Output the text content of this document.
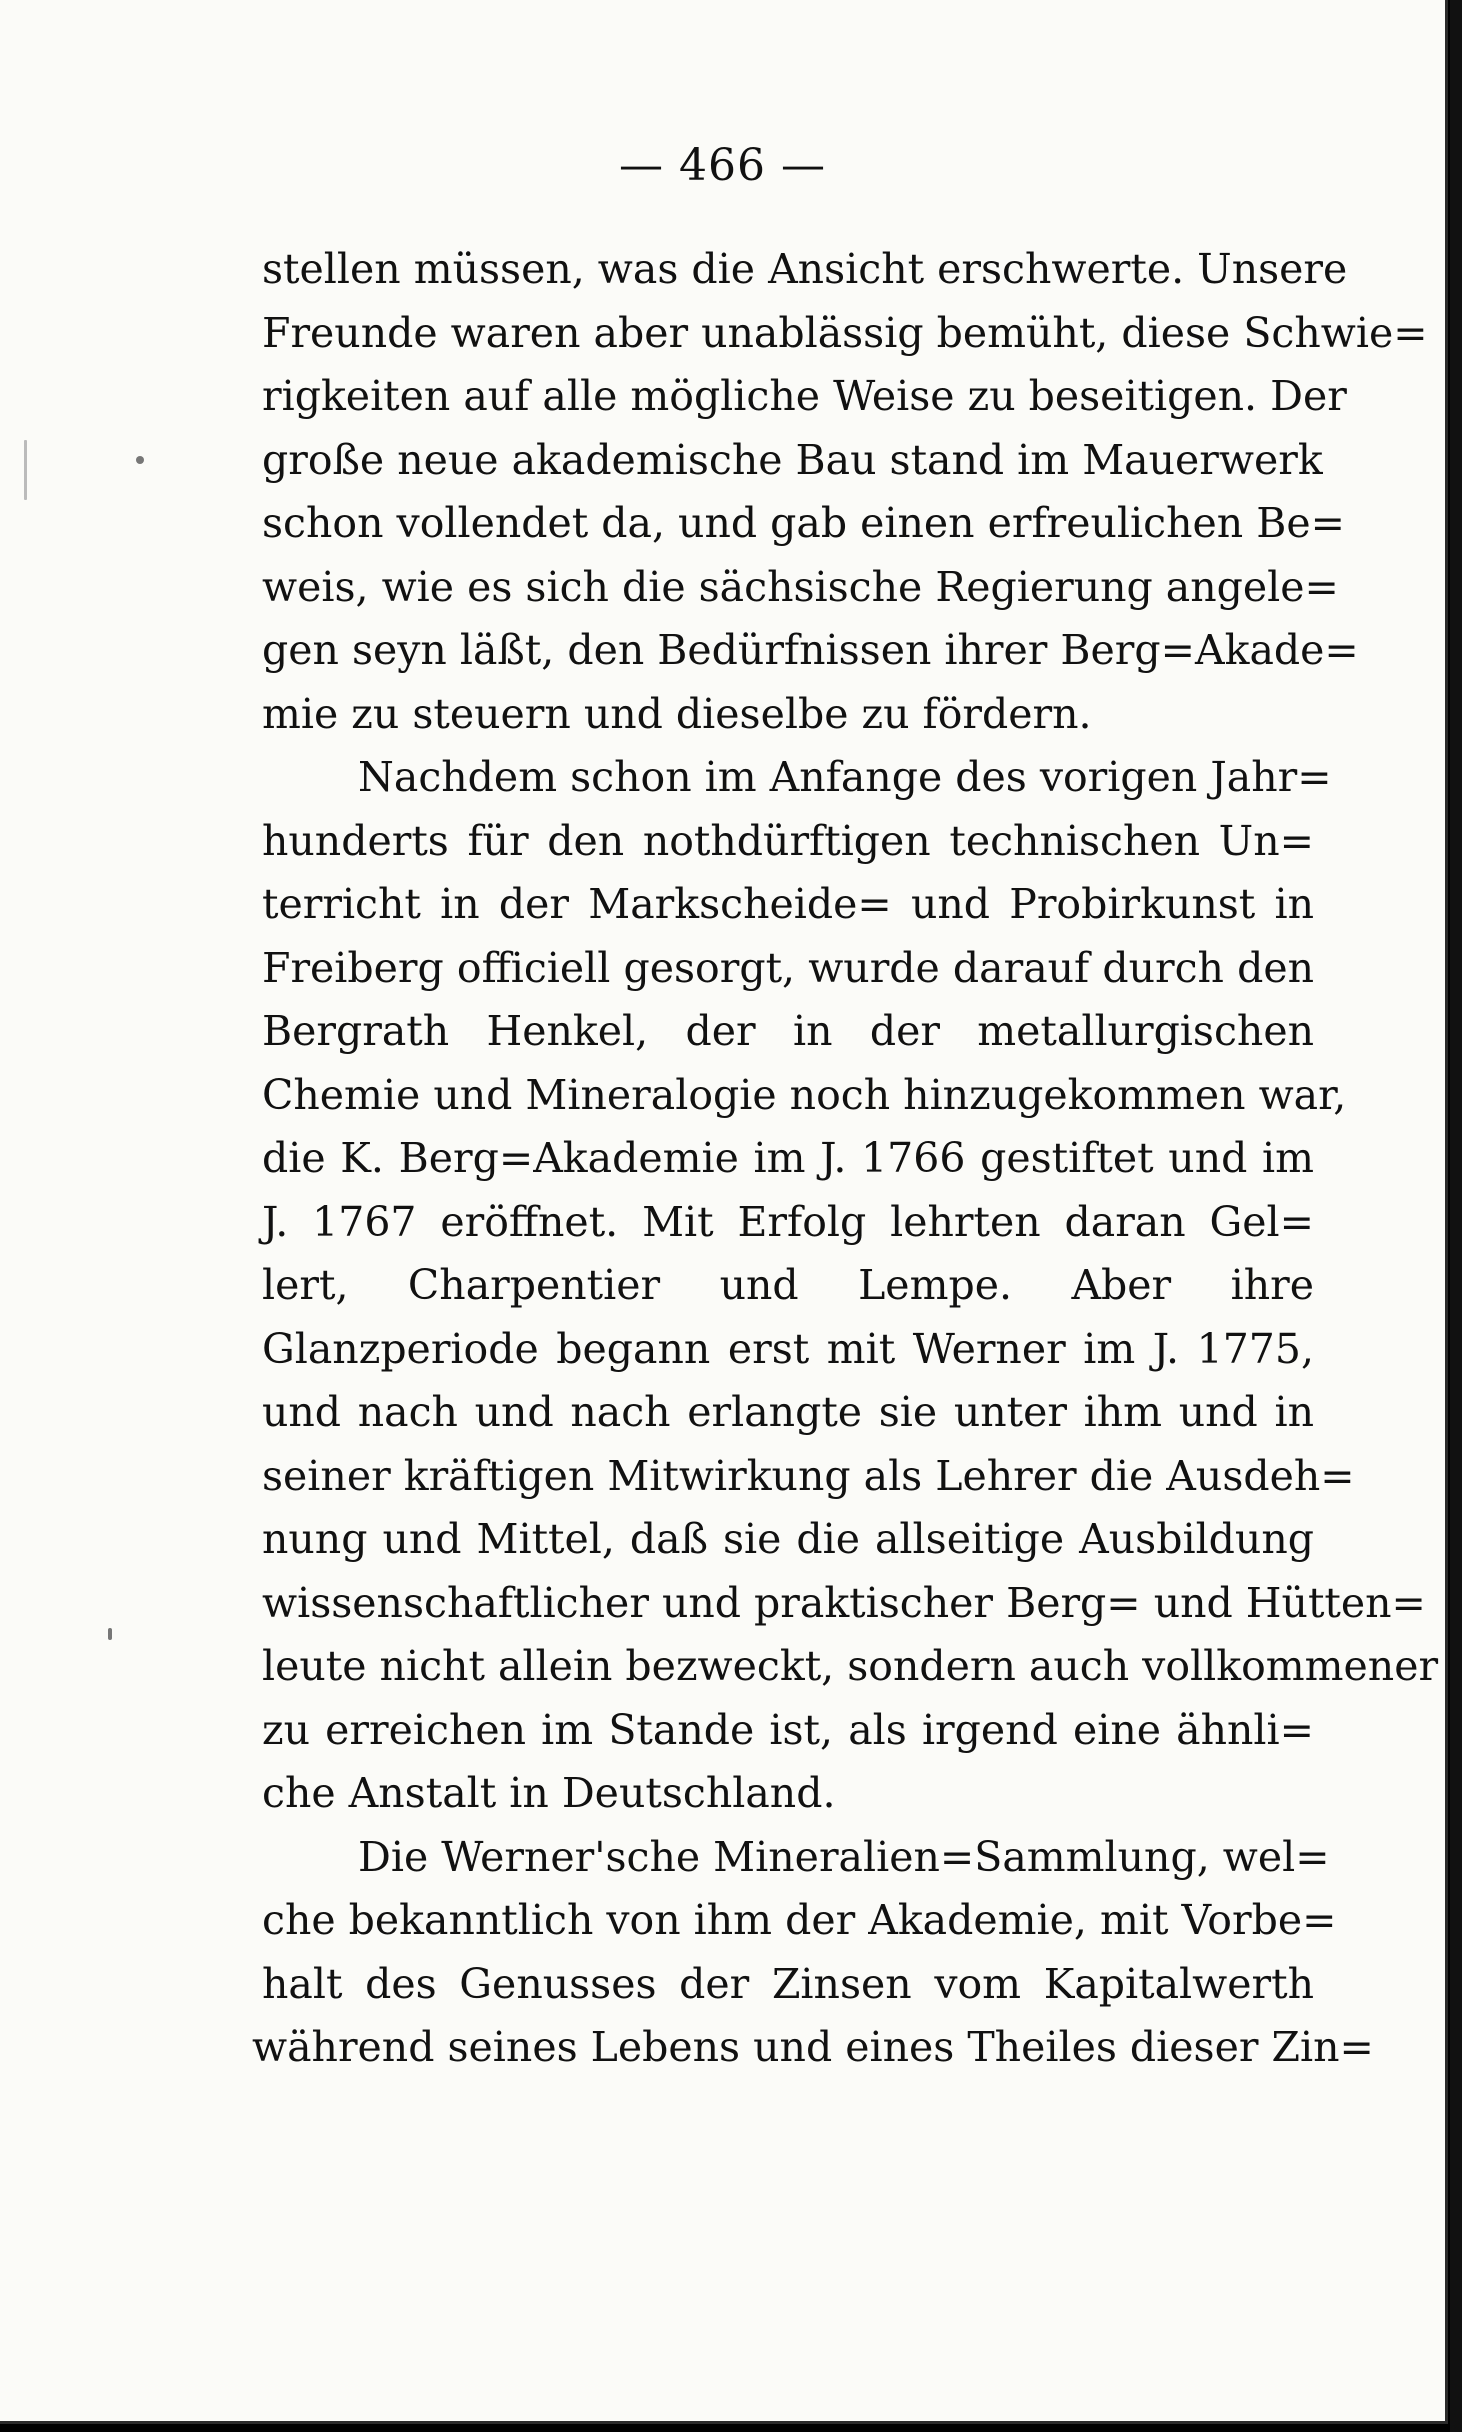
— 466 —
stellen müssen, was die Ansicht erschwerte. Unsere
Freunde waren aber unablässig bemüht, diese Schwie=
rigkeiten auf alle mögliche Weise zu beseitigen. Der
große neue akademische Bau stand im Mauerwerk
schon vollendet da, und gab einen erfreulichen Be=
weis, wie es sich die sächsische Regierung angele=
gen seyn läßt, den Bedürfnissen ihrer Berg=Akade=
mie zu steuern und dieselbe zu fördern.
Nachdem schon im Anfange des vorigen Jahr=
hunderts für den nothdürftigen technischen Un=
terricht in der Markscheide= und Probirkunst in
Freiberg officiell gesorgt, wurde darauf durch den
Bergrath Henkel, der in der metallurgischen
Chemie und Mineralogie noch hinzugekommen war,
die K. Berg=Akademie im J. 1766 gestiftet und im
J. 1767 eröffnet. Mit Erfolg lehrten daran Gel=
lert, Charpentier und Lempe. Aber ihre
Glanzperiode begann erst mit Werner im J. 1775,
und nach und nach erlangte sie unter ihm und in
seiner kräftigen Mitwirkung als Lehrer die Ausdeh=
nung und Mittel, daß sie die allseitige Ausbildung
wissenschaftlicher und praktischer Berg= und Hütten=
leute nicht allein bezweckt, sondern auch vollkommener
zu erreichen im Stande ist, als irgend eine ähnli=
che Anstalt in Deutschland.
Die Werner'sche Mineralien=Sammlung, wel=
che bekanntlich von ihm der Akademie, mit Vorbe=
halt des Genusses der Zinsen vom Kapitalwerth
während seines Lebens und eines Theiles dieser Zin=
